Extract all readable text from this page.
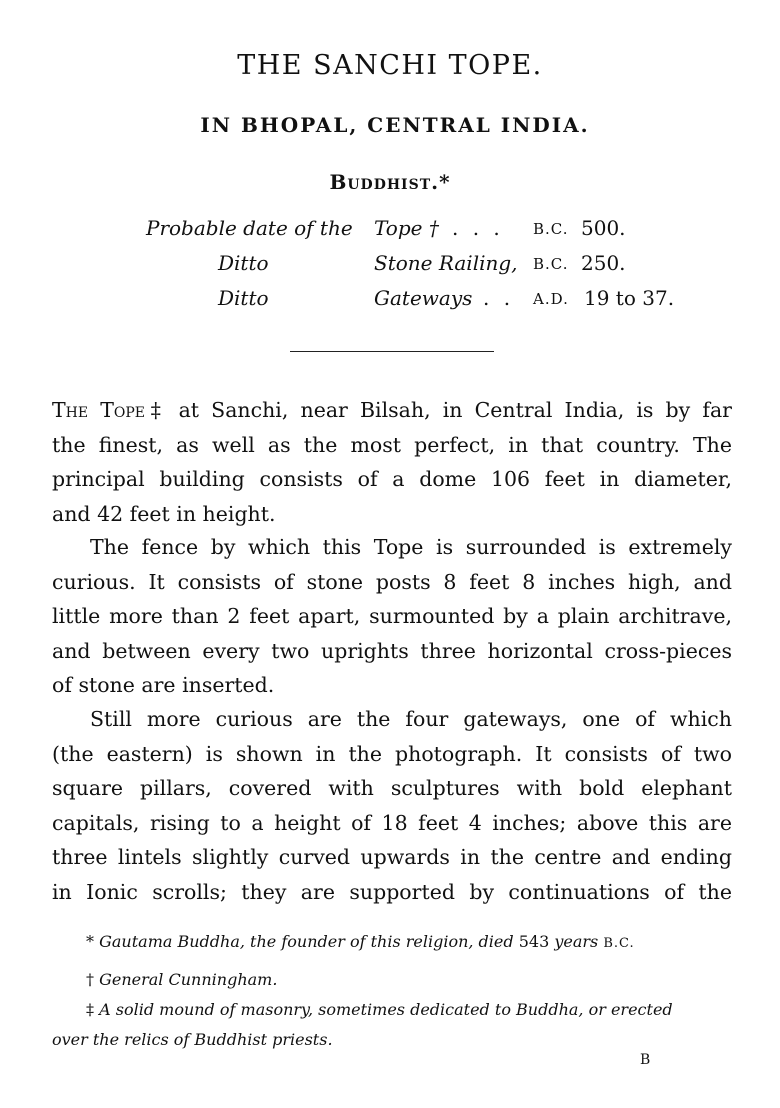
THE SANCHI TOPE.
IN BHOPAL, CENTRAL INDIA.
Buddhist.*
Probable date of the Tope † . . . B.C. 500.
Ditto	Stone Railing, B.C. 250.
Ditto	Gateways . . A.D. 19 to 37.
The Tope‡ at Sanchi, near Bilsah, in Central India, is by far
the finest, as well as the most perfect, in that country. The
principal building consists of a dome 106 feet in diameter,
and 42 feet in height.
The fence by which this Tope is surrounded is extremely
curious. It consists of stone posts 8 feet 8 inches high, and
little more than 2 feet apart, surmounted by a plain architrave,
and between every two uprights three horizontal cross-pieces
of stone are inserted.
Still more curious are the four gateways, one of which
(the eastern) is shown in the photograph. It consists of two
square pillars, covered with sculptures with bold elephant
capitals, rising to a height of 18 feet 4 inches; above this are
three lintels slightly curved upwards in the centre and ending
in Ionic scrolls; they are supported by continuations of the
* Gautama Buddha, the founder of this religion, died 543 years B.C.
† General Cunningham.
‡ A solid mound of masonry, sometimes dedicated to Buddha, or erected
over the relics of Buddhist priests.
B
